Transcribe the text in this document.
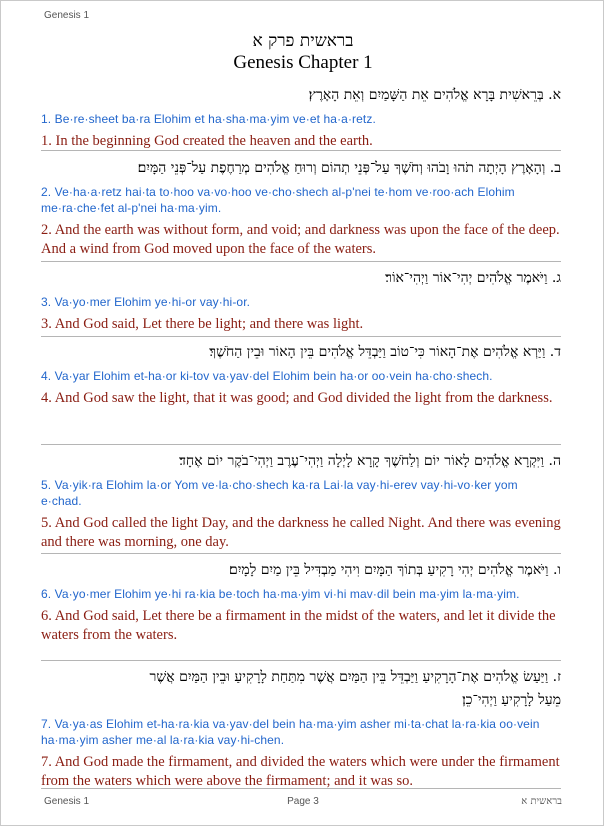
Genesis 1
בראשית פרק א
Genesis Chapter 1
א. בְּרֵאשִׁית בָּרָא אֱלֹהִים אֵת הַשָּׁמַיִם וְאֵת הָאָרֶץ׃
1. Be·re·sheet ba·ra Elohim et ha·sha·ma·yim ve·et ha·a·retz.
1. In the beginning God created the heaven and the earth.
ב. וְהָאָרֶץ הָיְתָה תֹהוּ וָבֹהוּ וְחֹשֶׁךְ עַל־פְּנֵי תְהוֹם וְרוּחַ אֱלֹהִים מְרַחֶפֶת עַל־פְּנֵי הַמָּיִם׃
2. Ve·ha·a·retz hai·ta to·hoo va·vo·hoo ve·cho·shech al‑p'nei te·hom ve·roo·ach Elohim me·ra·che·fet al‑p'nei ha·ma·yim.
2. And the earth was without form, and void; and darkness was upon the face of the deep. And a wind from God moved upon the face of the waters.
ג. וַיֹּאמֶר אֱלֹהִים יְהִי־אוֹר וַיְהִי־אוֹר׃
3. Va·yo·mer Elohim ye·hi‑or vay·hi‑or.
3. And God said, Let there be light; and there was light.
ד. וַיַּרְא אֱלֹהִים אֶת־הָאוֹר כִּי־טוֹב וַיַּבְדֵּל אֱלֹהִים בֵּין הָאוֹר וּבֵין הַחֹשֶׁךְ׃
4. Va·yar Elohim et‑ha·or ki‑tov va·yav·del Elohim bein ha·or oo·vein ha·cho·shech.
4. And God saw the light, that it was good; and God divided the light from the darkness.
ה. וַיִּקְרָא אֱלֹהִים לָאוֹר יוֹם וְלַחֹשֶׁךְ קָרָא לָיְלָה וַיְהִי־עֶרֶב וַיְהִי־בֹקֶר יוֹם אֶחָד׃
5. Va·yik·ra Elohim la·or Yom ve·la·cho·shech ka·ra Lai·la vay·hi‑erev vay·hi‑vo·ker yom e·chad.
5. And God called the light Day, and the darkness he called Night. And there was evening and there was morning, one day.
ו. וַיֹּאמֶר אֱלֹהִים יְהִי רָקִיעַ בְּתוֹךְ הַמָּיִם וִיהִי מַבְדִּיל בֵּין מַיִם לָמָיִם׃
6. Va·yo·mer Elohim ye·hi ra·kia be·toch ha·ma·yim vi·hi mav·dil bein ma·yim la·ma·yim.
6. And God said, Let there be a firmament in the midst of the waters, and let it divide the waters from the waters.
ז. וַיַּעַשׂ אֱלֹהִים אֶת־הָרָקִיעַ וַיַּבְדֵּל בֵּין הַמַּיִם אֲשֶׁר מִתַּחַת לָרָקִיעַ וּבֵין הַמַּיִם אֲשֶׁר
מֵעַל לָרָקִיעַ וַיְהִי־כֵן׃
7. Va·ya·as Elohim et‑ha·ra·kia va·yav·del bein ha·ma·yim asher mi·ta·chat la·ra·kia oo·vein ha·ma·yim asher me·al la·ra·kia vay·hi‑chen.
7. And God made the firmament, and divided the waters which were under the firmament from the waters which were above the firmament; and it was so.
Genesis 1	Page 3	בראשית א
